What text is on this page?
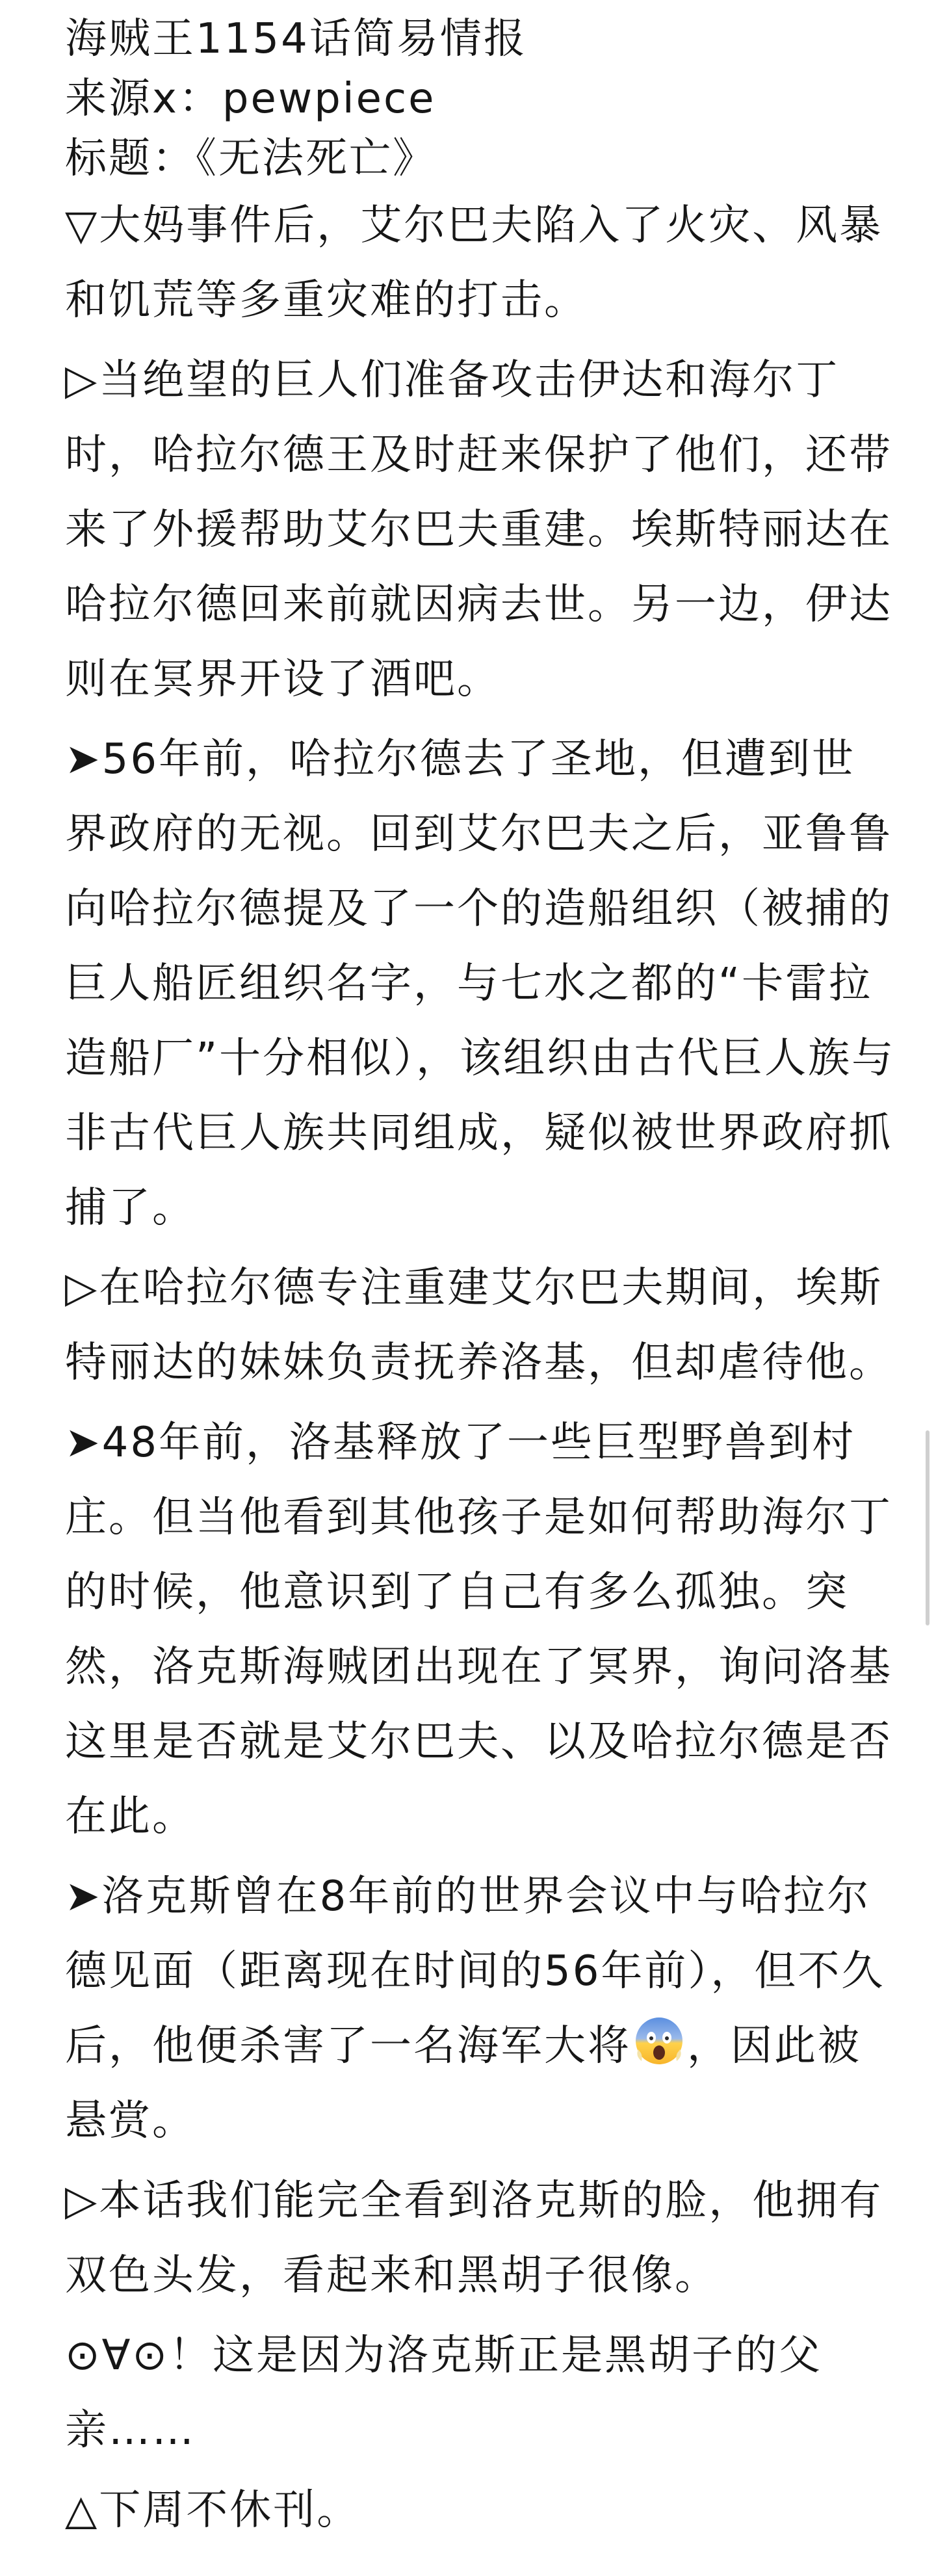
海贼王1154话简易情报

来源x：pewpiece

标题：《无法死亡》

▽大妈事件后，艾尔巴夫陷入了火灾、风暴和饥荒等多重灾难的打击。

▷当绝望的巨人们准备攻击伊达和海尔丁时，哈拉尔德王及时赶来保护了他们，还带来了外援帮助艾尔巴夫重建。埃斯特丽达在哈拉尔德回来前就因病去世。另一边，伊达则在冥界开设了酒吧。

➤56年前，哈拉尔德去了圣地，但遭到世界政府的无视。回到艾尔巴夫之后，亚鲁鲁向哈拉尔德提及了一个的造船组织（被捕的巨人船匠组织名字，与七水之都的“卡雷拉造船厂”十分相似），该组织由古代巨人族与非古代巨人族共同组成，疑似被世界政府抓捕了。

▷在哈拉尔德专注重建艾尔巴夫期间，埃斯特丽达的妹妹负责抚养洛基，但却虐待他。

➤48年前，洛基释放了一些巨型野兽到村庄。但当他看到其他孩子是如何帮助海尔丁的时候，他意识到了自己有多么孤独。突然，洛克斯海贼团出现在了冥界，询问洛基这里是否就是艾尔巴夫、以及哈拉尔德是否在此。

➤洛克斯曾在8年前的世界会议中与哈拉尔德见面（距离现在时间的56年前），但不久后，他便杀害了一名海军大将 ，因此被悬赏。

▷本话我们能完全看到洛克斯的脸，他拥有双色头发，看起来和黑胡子很像。

⊙∀⊙！这是因为洛克斯正是黑胡子的父亲……

△下周不休刊。
